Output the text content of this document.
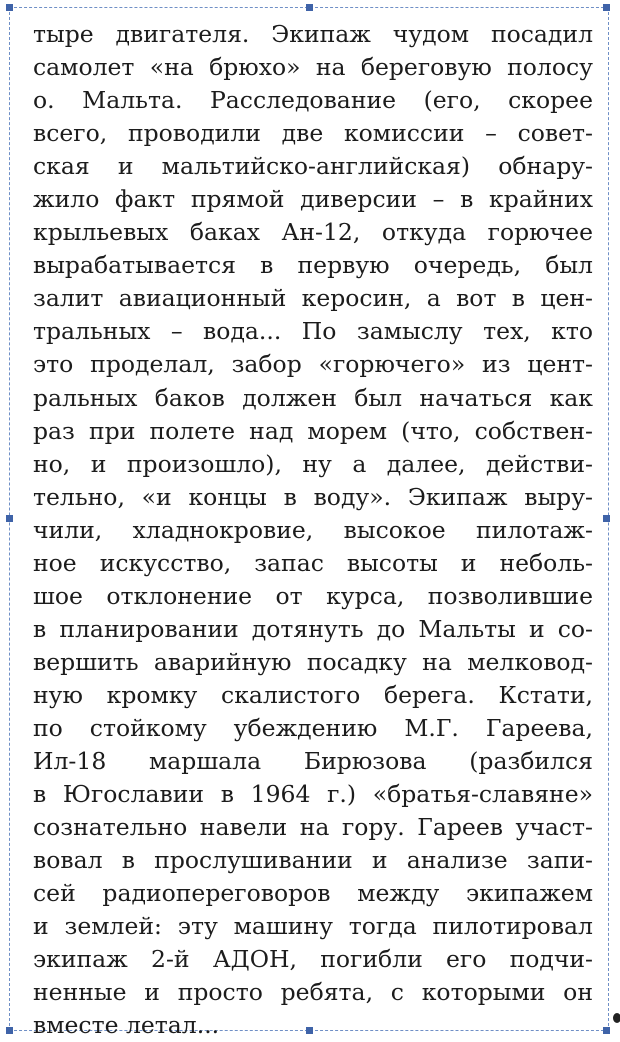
тыре двигателя. Экипаж чудом посадил
самолет «на брюхо» на береговую полосу
о. Мальта. Расследование (его, скорее
всего, проводили две комиссии – совет-
ская и мальтийско-английская) обнару-
жило факт прямой диверсии – в крайних
крыльевых баках Ан-12, откуда горючее
вырабатывается в первую очередь, был
залит авиационный керосин, а вот в цен-
тральных – вода... По замыслу тех, кто
это проделал, забор «горючего» из цент-
ральных баков должен был начаться как
раз при полете над морем (что, собствен-
но, и произошло), ну а далее, действи-
тельно, «и концы в воду». Экипаж выру-
чили, хладнокровие, высокое пилотаж-
ное искусство, запас высоты и неболь-
шое отклонение от курса, позволившие
в планировании дотянуть до Мальты и со-
вершить аварийную посадку на мелковод-
ную кромку скалистого берега. Кстати,
по стойкому убеждению М.Г. Гареева,
Ил-18 маршала Бирюзова (разбился
в Югославии в 1964 г.) «братья-славяне»
сознательно навели на гору. Гареев участ-
вовал в прослушивании и анализе запи-
сей радиопереговоров между экипажем
и землей: эту машину тогда пилотировал
экипаж 2-й АДОН, погибли его подчи-
ненные и просто ребята, с которыми он
вместе летал...
